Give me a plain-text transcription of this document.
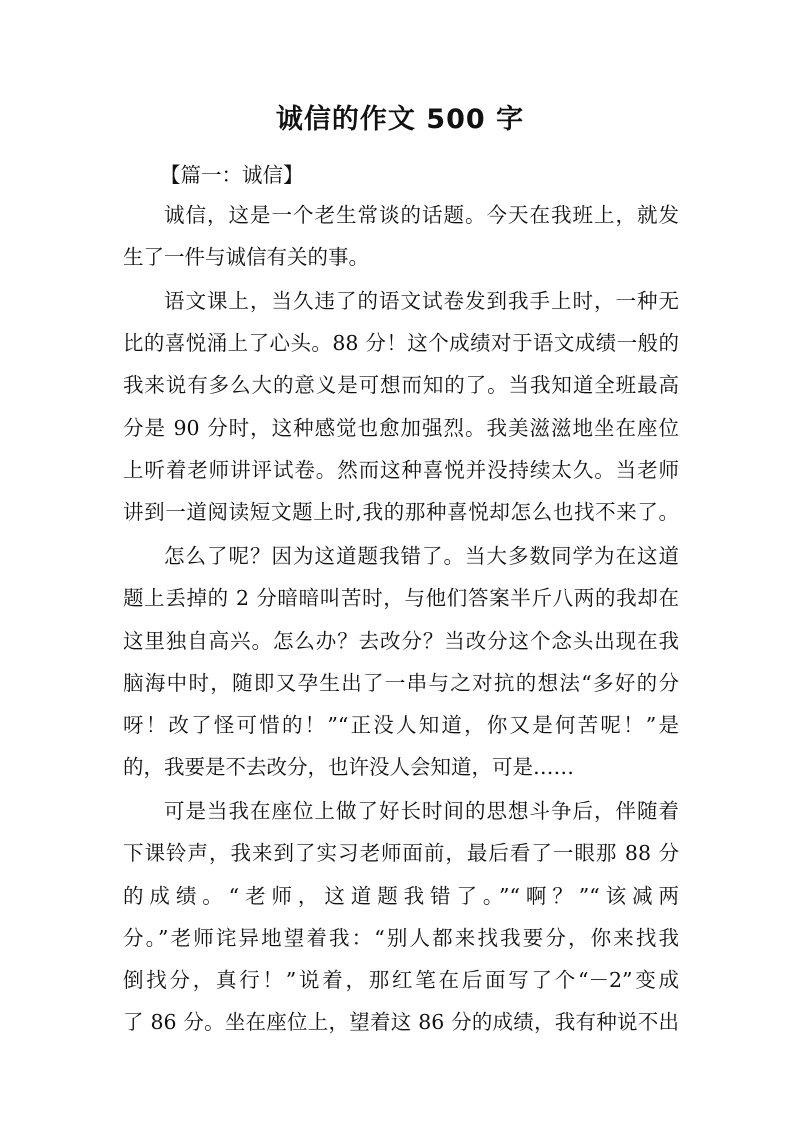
诚信的作文 500 字
【篇一：诚信】
诚信，这是一个老生常谈的话题。今天在我班上，就发
生了一件与诚信有关的事。
语文课上，当久违了的语文试卷发到我手上时，一种无
比的喜悦涌上了心头。88 分！这个成绩对于语文成绩一般的
我来说有多么大的意义是可想而知的了。当我知道全班最高
分是 90 分时，这种感觉也愈加强烈。我美滋滋地坐在座位
上听着老师讲评试卷。然而这种喜悦并没持续太久。当老师
讲到一道阅读短文题上时,我的那种喜悦却怎么也找不来了。
怎么了呢？因为这道题我错了。当大多数同学为在这道
题上丢掉的 2 分暗暗叫苦时，与他们答案半斤八两的我却在
这里独自高兴。怎么办？去改分？当改分这个念头出现在我
脑海中时，随即又孕生出了一串与之对抗的想法“多好的分
呀！改了怪可惜的！”“正没人知道，你又是何苦呢！”是
的，我要是不去改分，也许没人会知道，可是……
可是当我在座位上做了好长时间的思想斗争后，伴随着
下课铃声，我来到了实习老师面前，最后看了一眼那 88 分
的成绩。“老师，这道题我错了。”“啊？”“该减两
分。”老师诧异地望着我：“别人都来找我要分，你来找我
倒找分，真行！”说着，那红笔在后面写了个“－2”变成
了 86 分。坐在座位上，望着这 86 分的成绩，我有种说不出
